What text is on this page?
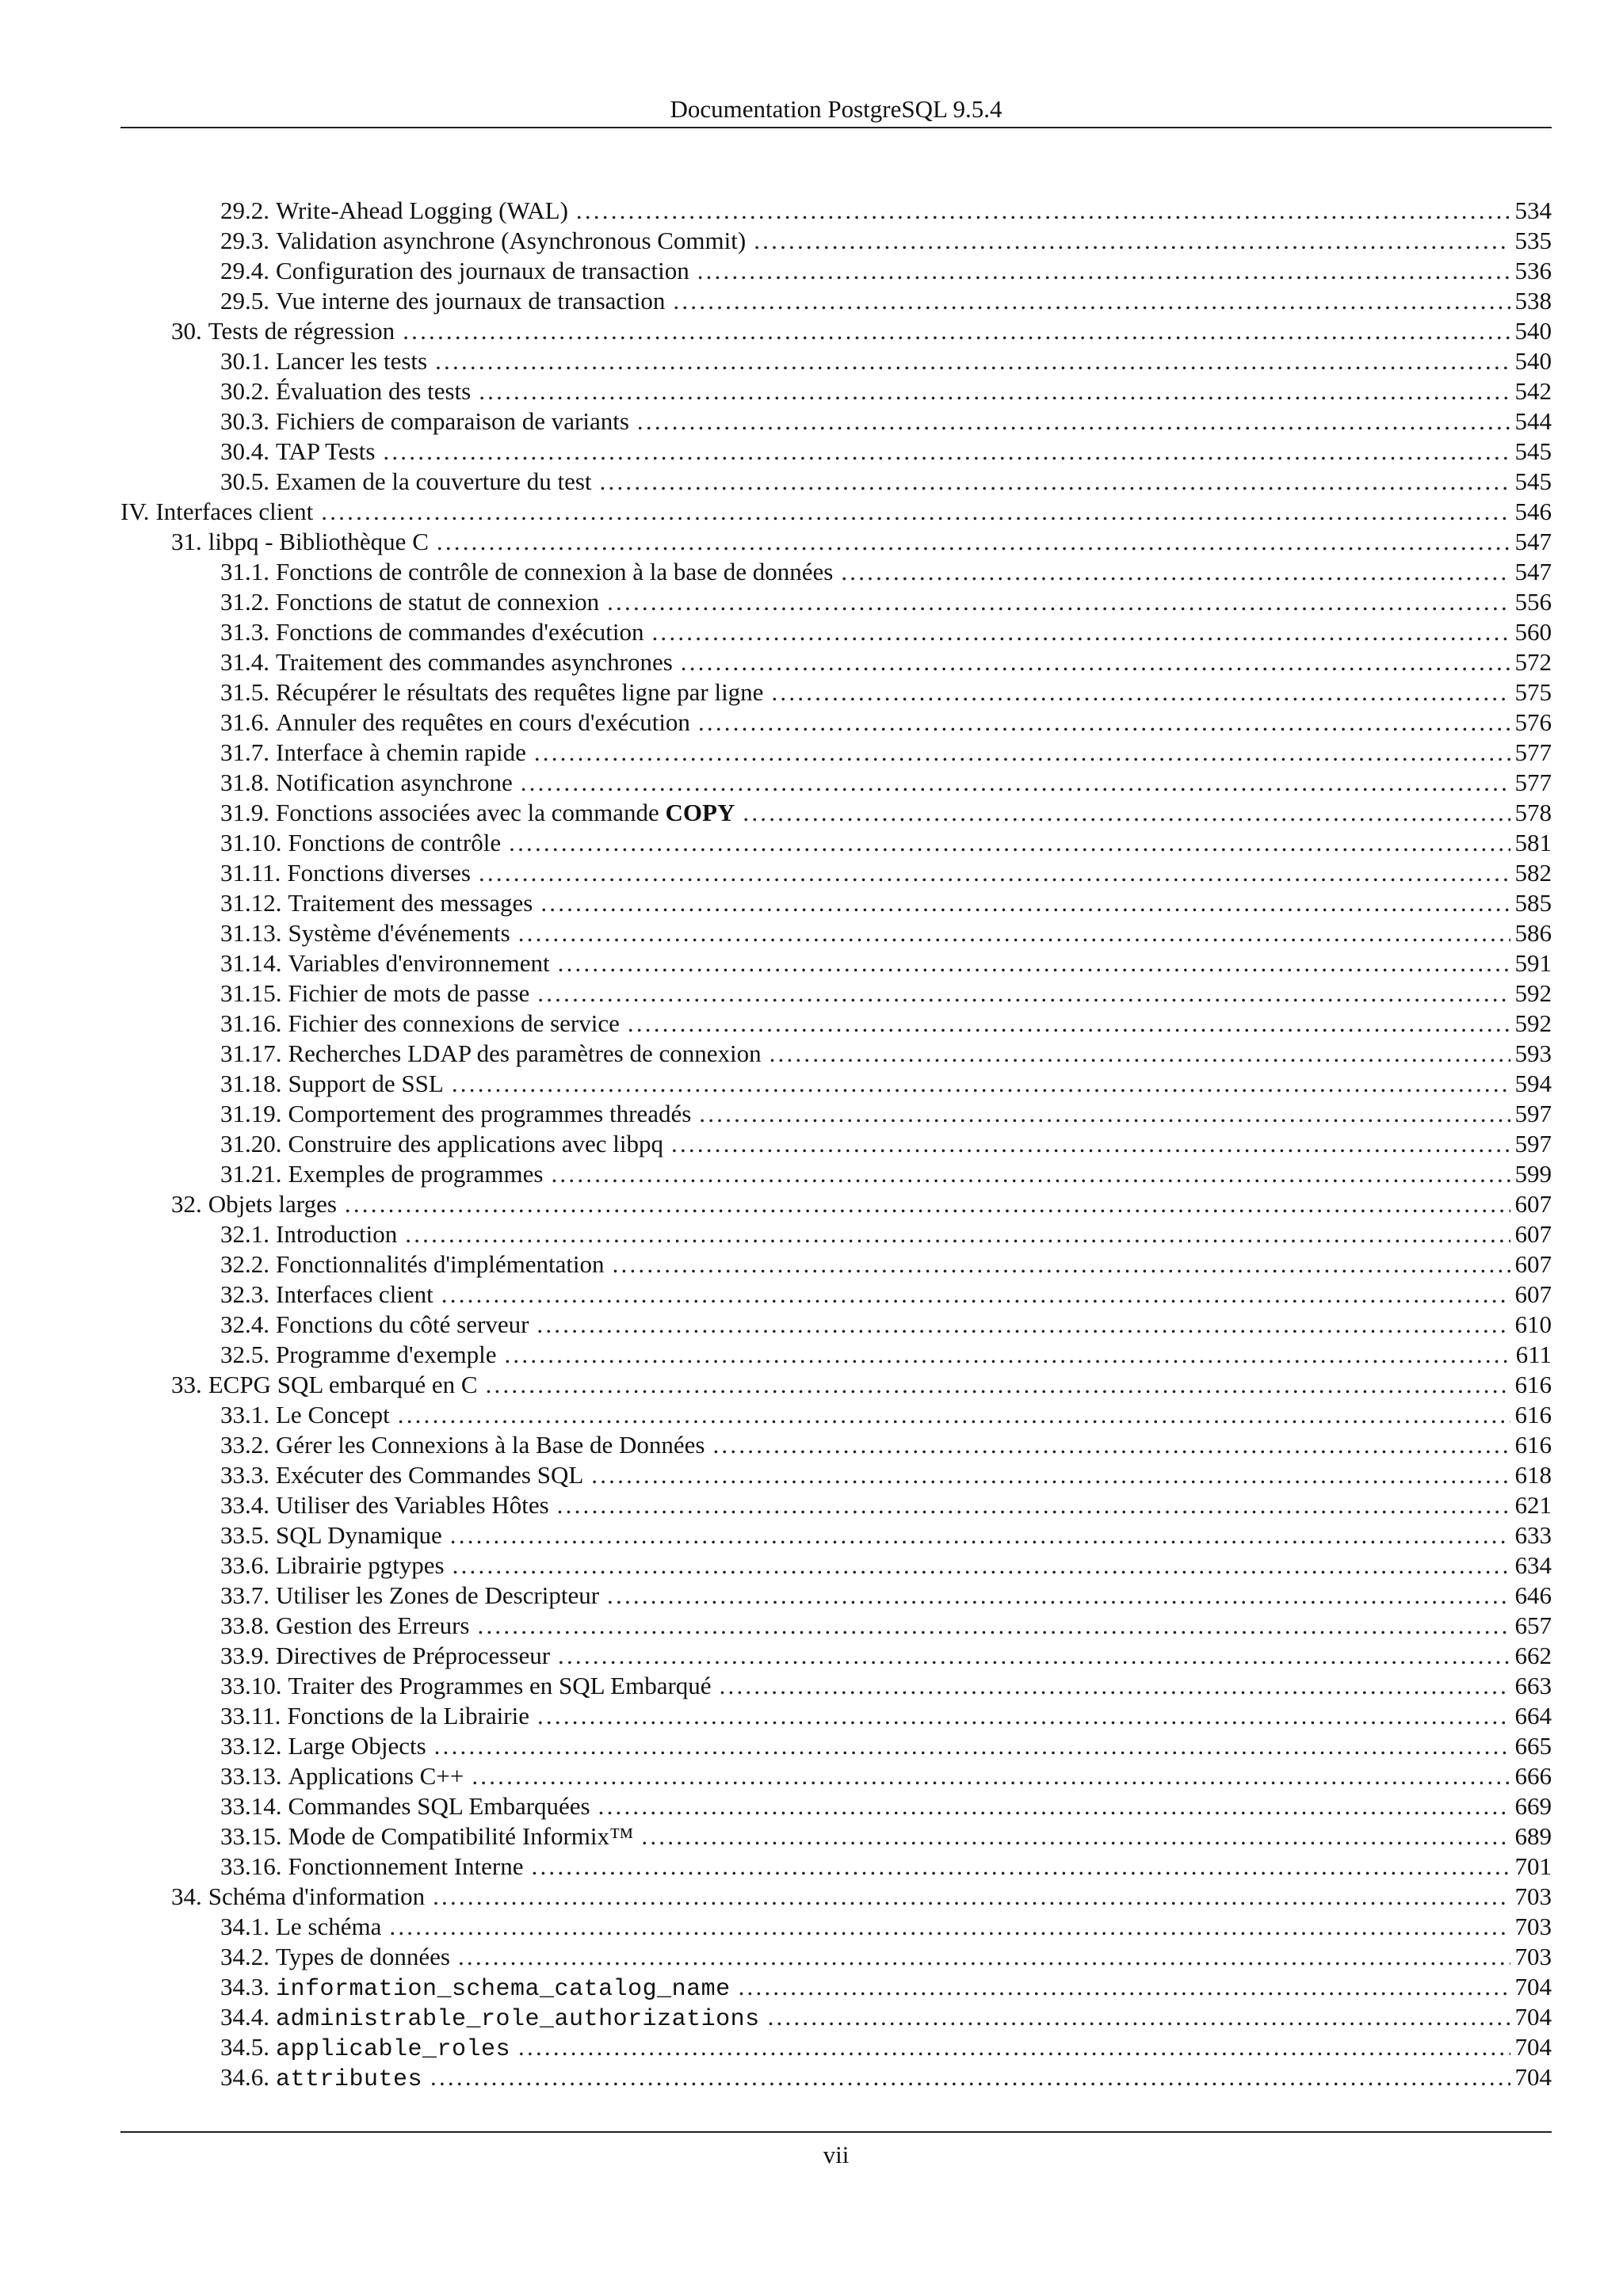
Documentation PostgreSQL 9.5.4
29.2. Write-Ahead Logging (WAL) .....	534
29.3. Validation asynchrone (Asynchronous Commit) .....	535
29.4. Configuration des journaux de transaction .....	536
29.5. Vue interne des journaux de transaction .....	538
30. Tests de régression .....	540
30.1. Lancer les tests .....	540
30.2. Évaluation des tests .....	542
30.3. Fichiers de comparaison de variants .....	544
30.4. TAP Tests .....	545
30.5. Examen de la couverture du test .....	545
IV. Interfaces client .....	546
31. libpq - Bibliothèque C .....	547
31.1. Fonctions de contrôle de connexion à la base de données .....	547
31.2. Fonctions de statut de connexion .....	556
31.3. Fonctions de commandes d'exécution .....	560
31.4. Traitement des commandes asynchrones .....	572
31.5. Récupérer le résultats des requêtes ligne par ligne .....	575
31.6. Annuler des requêtes en cours d'exécution .....	576
31.7. Interface à chemin rapide .....	577
31.8. Notification asynchrone .....	577
31.9. Fonctions associées avec la commande COPY .....	578
31.10. Fonctions de contrôle .....	581
31.11. Fonctions diverses .....	582
31.12. Traitement des messages .....	585
31.13. Système d'événements .....	586
31.14. Variables d'environnement .....	591
31.15. Fichier de mots de passe .....	592
31.16. Fichier des connexions de service .....	592
31.17. Recherches LDAP des paramètres de connexion .....	593
31.18. Support de SSL .....	594
31.19. Comportement des programmes threadés .....	597
31.20. Construire des applications avec libpq .....	597
31.21. Exemples de programmes .....	599
32. Objets larges .....	607
32.1. Introduction .....	607
32.2. Fonctionnalités d'implémentation .....	607
32.3. Interfaces client .....	607
32.4. Fonctions du côté serveur .....	610
32.5. Programme d'exemple .....	611
33. ECPG SQL embarqué en C .....	616
33.1. Le Concept .....	616
33.2. Gérer les Connexions à la Base de Données .....	616
33.3. Exécuter des Commandes SQL .....	618
33.4. Utiliser des Variables Hôtes .....	621
33.5. SQL Dynamique .....	633
33.6. Librairie pgtypes .....	634
33.7. Utiliser les Zones de Descripteur .....	646
33.8. Gestion des Erreurs .....	657
33.9. Directives de Préprocesseur .....	662
33.10. Traiter des Programmes en SQL Embarqué .....	663
33.11. Fonctions de la Librairie .....	664
33.12. Large Objects .....	665
33.13. Applications C++ .....	666
33.14. Commandes SQL Embarquées .....	669
33.15. Mode de Compatibilité Informix™ .....	689
33.16. Fonctionnement Interne .....	701
34. Schéma d'information .....	703
34.1. Le schéma .....	703
34.2. Types de données .....	703
34.3. information_schema_catalog_name .....	704
34.4. administrable_role_authorizations .....	704
34.5. applicable_roles .....	704
34.6. attributes .....	704
vii
